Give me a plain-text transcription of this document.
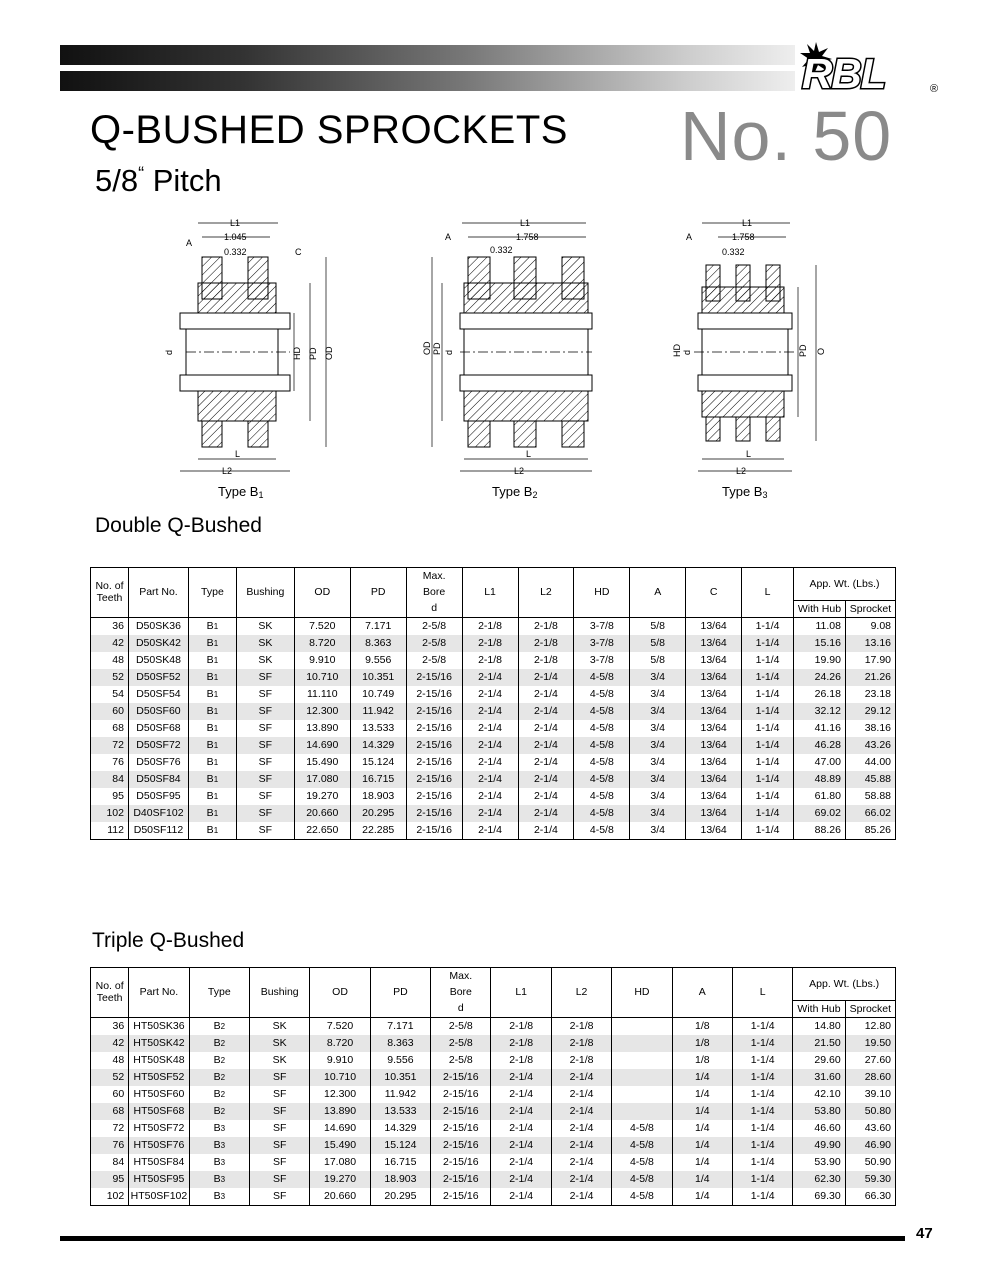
RBL	®
Q-BUSHED SPROCKETS No. 50
5/8“ Pitch
L1
1.045
A
0.332	C
d	HD PD OD
L
L2
Type $B_1$
L1
1.758
A
0.332
OD PD d
L
L2
Type $B_2$
L1
1.758
A
0.332
HD d	PD O
L
L2
Type $B_3$
Double Q-Bushed
No. of Teeth	Part No.	Type	Bushing	OD	PD	Max.	L1	L2	HD	A	C	L	App. Wt. (Lbs.)	
						Bore								
						d							With Hub	Sprocket
36	D50SK36	B1	SK	7.520	7.171	2-5/8	2-1/8	2-1/8	3-7/8	5/8	13/64	1-1/4	11.08	9.08
42	D50SK42	B1	SK	8.720	8.363	2-5/8	2-1/8	2-1/8	3-7/8	5/8	13/64	1-1/4	15.16	13.16
48	D50SK48	B1	SK	9.910	9.556	2-5/8	2-1/8	2-1/8	3-7/8	5/8	13/64	1-1/4	19.90	17.90
52	D50SF52	B1	SF	10.710	10.351	2-15/16	2-1/4	2-1/4	4-5/8	3/4	13/64	1-1/4	24.26	21.26
54	D50SF54	B1	SF	11.110	10.749	2-15/16	2-1/4	2-1/4	4-5/8	3/4	13/64	1-1/4	26.18	23.18
60	D50SF60	B1	SF	12.300	11.942	2-15/16	2-1/4	2-1/4	4-5/8	3/4	13/64	1-1/4	32.12	29.12
68	D50SF68	B1	SF	13.890	13.533	2-15/16	2-1/4	2-1/4	4-5/8	3/4	13/64	1-1/4	41.16	38.16
72	D50SF72	B1	SF	14.690	14.329	2-15/16	2-1/4	2-1/4	4-5/8	3/4	13/64	1-1/4	46.28	43.26
76	D50SF76	B1	SF	15.490	15.124	2-15/16	2-1/4	2-1/4	4-5/8	3/4	13/64	1-1/4	47.00	44.00
84	D50SF84	B1	SF	17.080	16.715	2-15/16	2-1/4	2-1/4	4-5/8	3/4	13/64	1-1/4	48.89	45.88
95	D50SF95	B1	SF	19.270	18.903	2-15/16	2-1/4	2-1/4	4-5/8	3/4	13/64	1-1/4	61.80	58.88
102	D40SF102	B1	SF	20.660	20.295	2-15/16	2-1/4	2-1/4	4-5/8	3/4	13/64	1-1/4	69.02	66.02
112	D50SF112	B1	SF	22.650	22.285	2-15/16	2-1/4	2-1/4	4-5/8	3/4	13/64	1-1/4	88.26	85.26
Triple Q-Bushed
No. of Teeth	Part No.	Type	Bushing	OD	PD	Max.	L1	L2	HD	A	L	App. Wt. (Lbs.)	
						Bore							
						d						With Hub	Sprocket
36	HT50SK36	B2	SK	7.520	7.171	2-5/8	2-1/8	2-1/8		1/8	1-1/4	14.80	12.80
42	HT50SK42	B2	SK	8.720	8.363	2-5/8	2-1/8	2-1/8		1/8	1-1/4	21.50	19.50
48	HT50SK48	B2	SK	9.910	9.556	2-5/8	2-1/8	2-1/8		1/8	1-1/4	29.60	27.60
52	HT50SF52	B2	SF	10.710	10.351	2-15/16	2-1/4	2-1/4		1/4	1-1/4	31.60	28.60
60	HT50SF60	B2	SF	12.300	11.942	2-15/16	2-1/4	2-1/4		1/4	1-1/4	42.10	39.10
68	HT50SF68	B2	SF	13.890	13.533	2-15/16	2-1/4	2-1/4		1/4	1-1/4	53.80	50.80
72	HT50SF72	B3	SF	14.690	14.329	2-15/16	2-1/4	2-1/4	4-5/8	1/4	1-1/4	46.60	43.60
76	HT50SF76	B3	SF	15.490	15.124	2-15/16	2-1/4	2-1/4	4-5/8	1/4	1-1/4	49.90	46.90
84	HT50SF84	B3	SF	17.080	16.715	2-15/16	2-1/4	2-1/4	4-5/8	1/4	1-1/4	53.90	50.90
95	HT50SF95	B3	SF	19.270	18.903	2-15/16	2-1/4	2-1/4	4-5/8	1/4	1-1/4	62.30	59.30
102	HT50SF102	B3	SF	20.660	20.295	2-15/16	2-1/4	2-1/4	4-5/8	1/4	1-1/4	69.30	66.30
47
